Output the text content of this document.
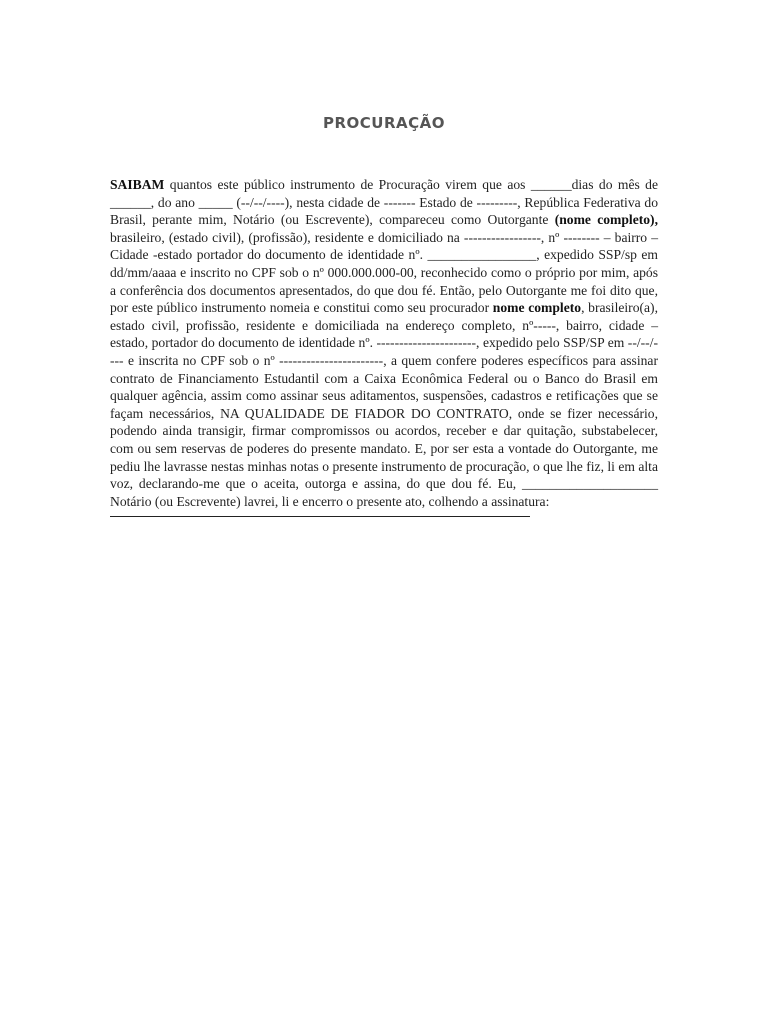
PROCURAÇÃO
SAIBAM quantos este público instrumento de Procuração virem que aos ______dias do mês de ______, do ano _____ (--/--/----), nesta cidade de ------- Estado de ---------, República Federativa do Brasil, perante mim, Notário (ou Escrevente), compareceu como Outorgante (nome completo), brasileiro, (estado civil), (profissão), residente e domiciliado na -----------------, nº -------- – bairro – Cidade -estado portador do documento de identidade nº. ________________, expedido SSP/sp em dd/mm/aaaa e inscrito no CPF sob o nº 000.000.000-00, reconhecido como o próprio por mim, após a conferência dos documentos apresentados, do que dou fé. Então, pelo Outorgante me foi dito que, por este público instrumento nomeia e constitui como seu procurador nome completo, brasileiro(a), estado civil, profissão, residente e domiciliada na endereço completo, nº-----, bairro, cidade – estado, portador do documento de identidade nº. ----------------------, expedido pelo SSP/SP em --/--/---- e inscrita no CPF sob o nº -----------------------, a quem confere poderes específicos para assinar contrato de Financiamento Estudantil com a Caixa Econômica Federal ou o Banco do Brasil em qualquer agência, assim como assinar seus aditamentos, suspensões, cadastros e retificações que se façam necessários, NA QUALIDADE DE FIADOR DO CONTRATO, onde se fizer necessário, podendo ainda transigir, firmar compromissos ou acordos, receber e dar quitação, substabelecer, com ou sem reservas de poderes do presente mandato. E, por ser esta a vontade do Outorgante, me pediu lhe lavrasse nestas minhas notas o presente instrumento de procuração, o que lhe fiz, li em alta voz, declarando-me que o aceita, outorga e assina, do que dou fé. Eu, ____________________ Notário (ou Escrevente) lavrei, li e encerro o presente ato, colhendo a assinatura:
